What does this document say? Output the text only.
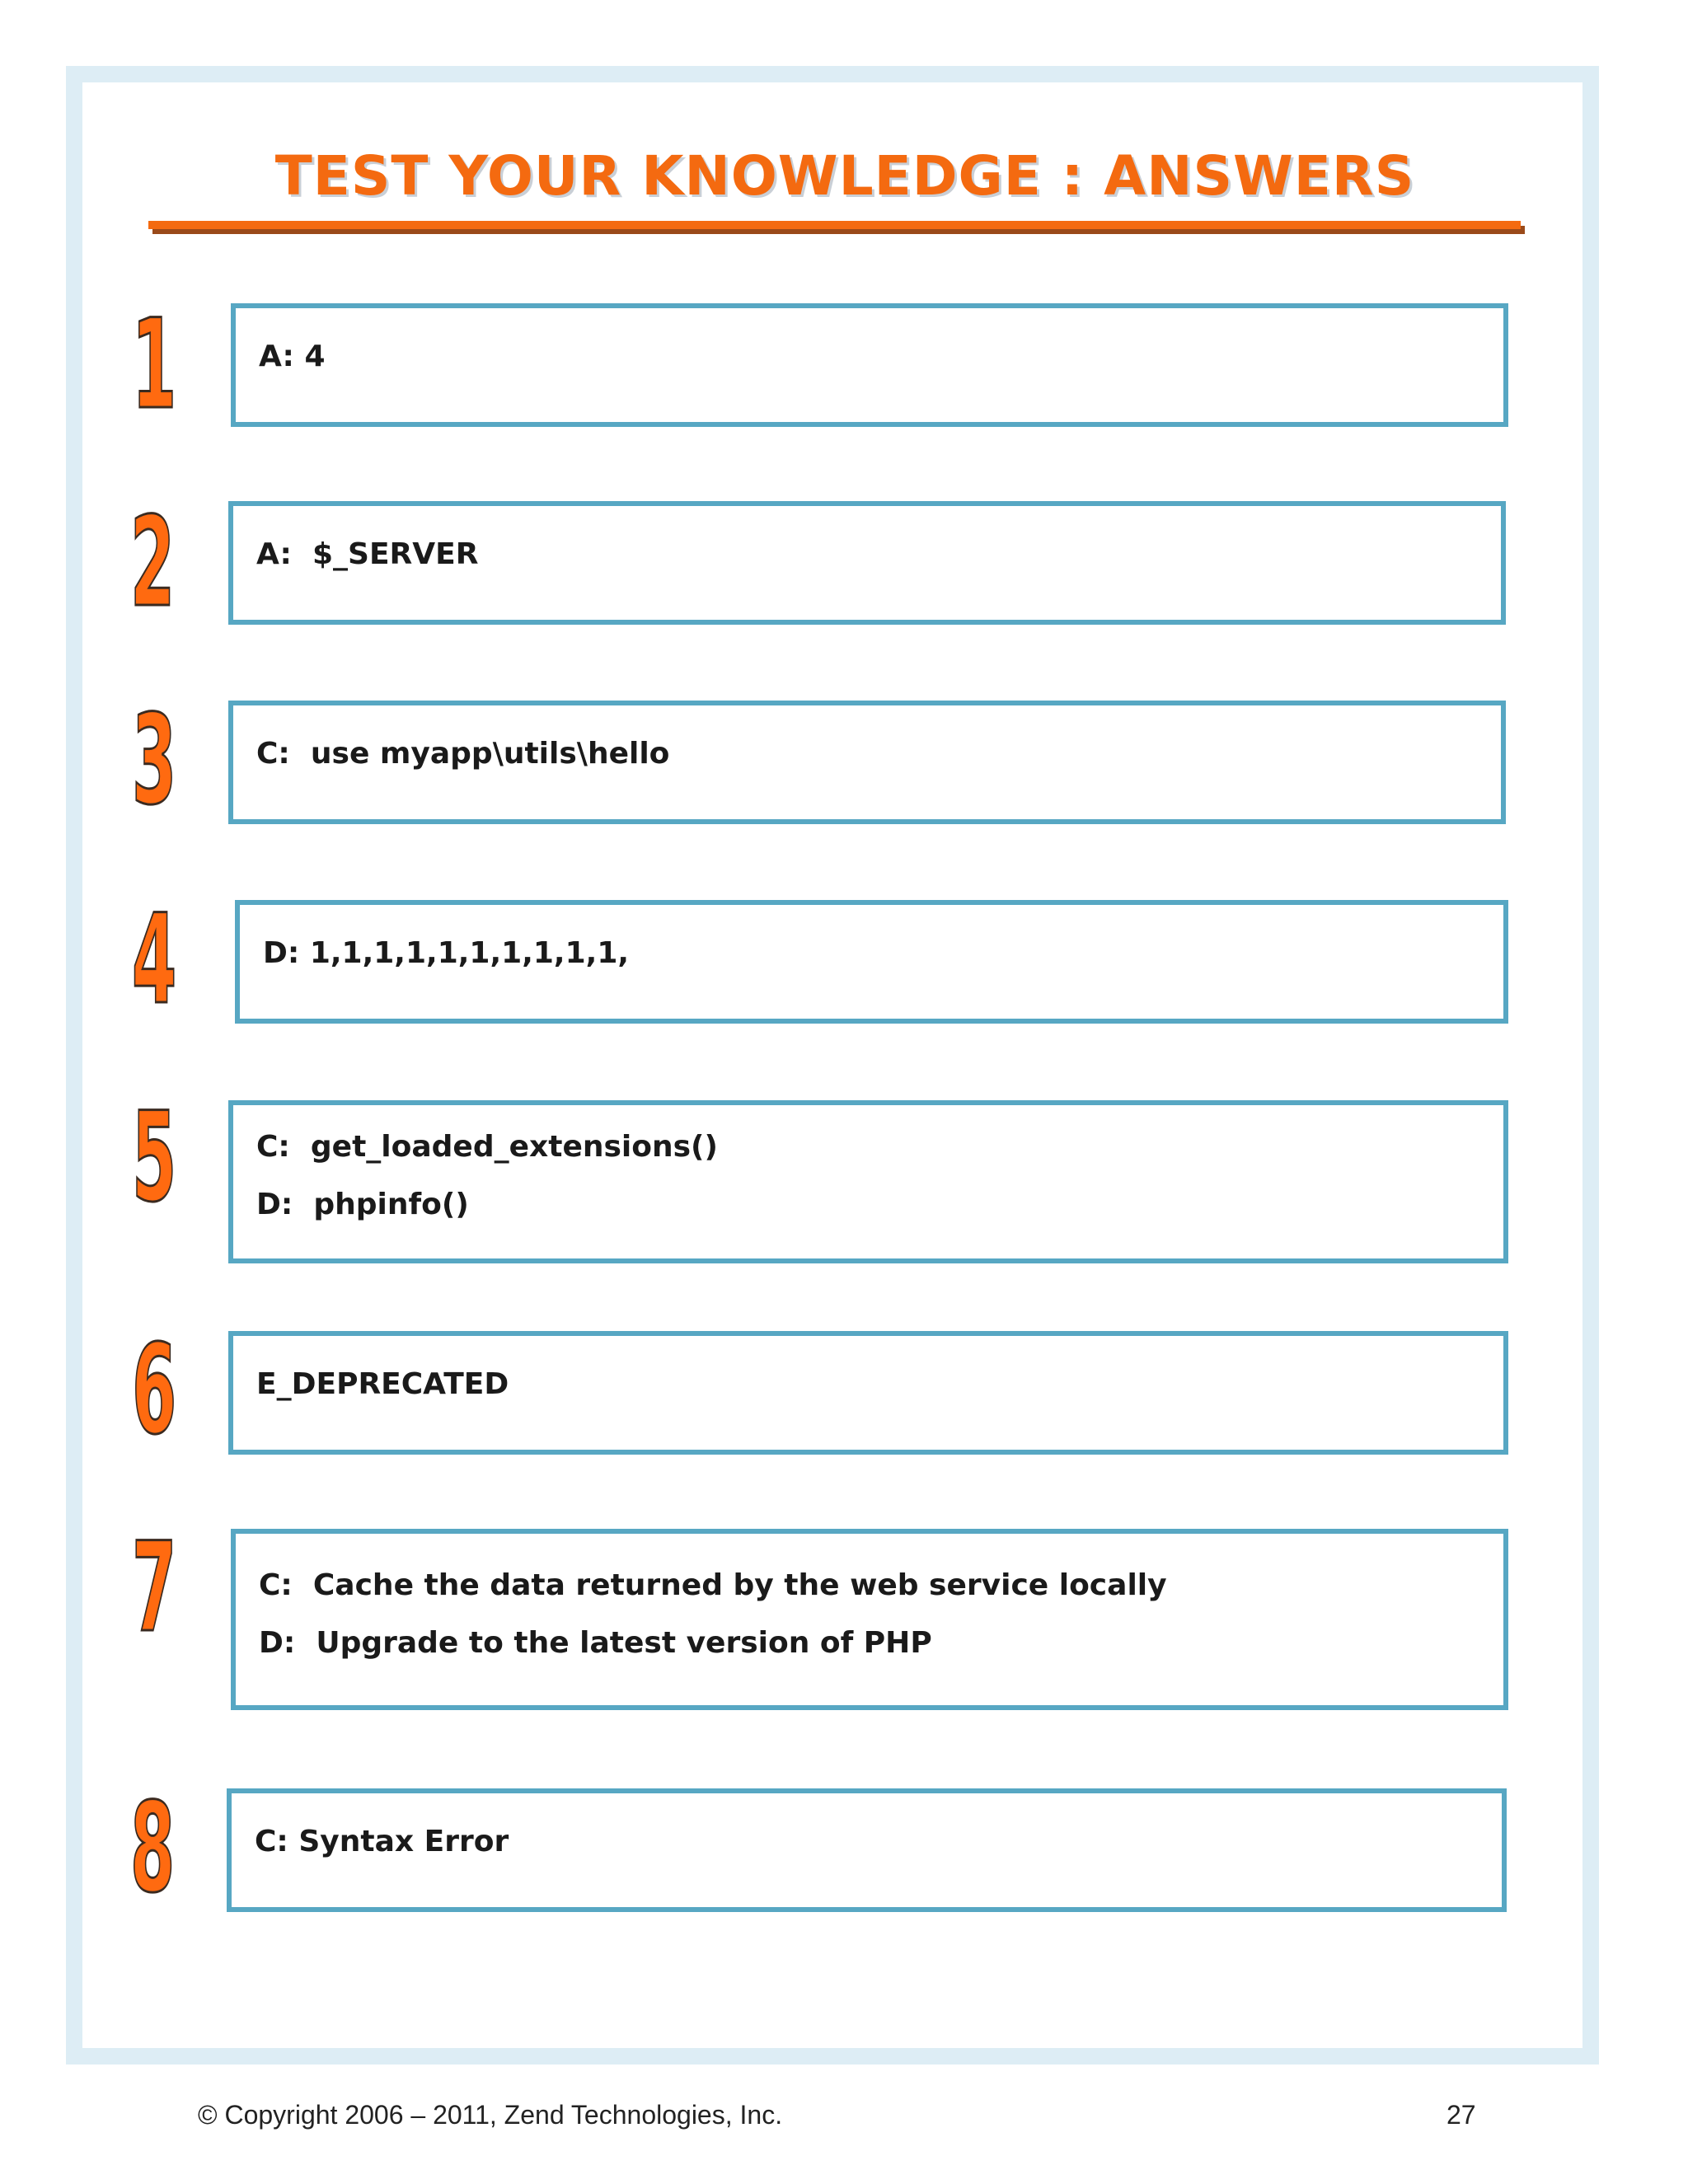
TEST YOUR KNOWLEDGE : ANSWERS
1	A: 4
2	A:  $_SERVER
3	C:  use myapp\utils\hello
4	D: 1,1,1,1,1,1,1,1,1,1,
5	C:  get_loaded_extensions()
D:  phpinfo()
6	E_DEPRECATED
7	C:  Cache the data returned by the web service locally
D:  Upgrade to the latest version of PHP
8	C: Syntax Error
© Copyright 2006 – 2011, Zend Technologies, Inc.	27
